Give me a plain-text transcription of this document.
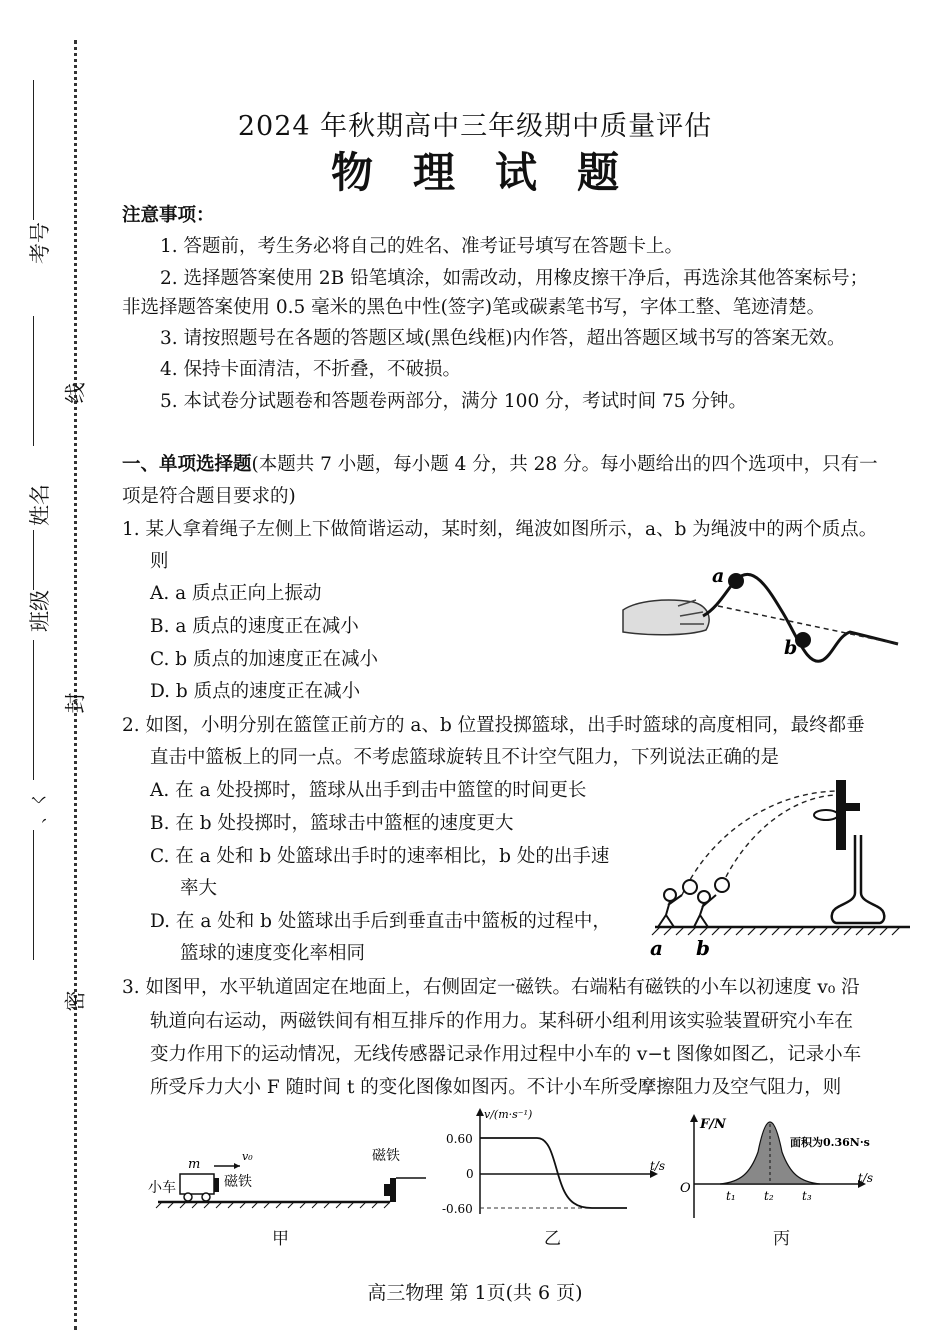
考号
线
姓名
班级
封
、く
密
2024 年秋期高中三年级期中质量评估
物理试题
注意事项：
1. 答题前，考生务必将自己的姓名、准考证号填写在答题卡上。
2. 选择题答案使用 2B 铅笔填涂，如需改动，用橡皮擦干净后，再选涂其他答案标号；
非选择题答案使用 0.5 毫米的黑色中性(签字)笔或碳素笔书写，字体工整、笔迹清楚。
3. 请按照题号在各题的答题区域(黑色线框)内作答，超出答题区域书写的答案无效。
4. 保持卡面清洁，不折叠，不破损。
5. 本试卷分试题卷和答题卷两部分，满分 100 分，考试时间 75 分钟。
一、单项选择题(本题共 7 小题，每小题 4 分，共 28 分。每小题给出的四个选项中，只有一
项是符合题目要求的)
1. 某人拿着绳子左侧上下做简谐运动，某时刻，绳波如图所示，a、b 为绳波中的两个质点。
则
A. a 质点正向上振动
B. a 质点的速度正在减小
C. b 质点的加速度正在减小
D. b 质点的速度正在减小
a
b
2. 如图，小明分别在篮筐正前方的 a、b 位置投掷篮球，出手时篮球的高度相同，最终都垂
直击中篮板上的同一点。不考虑篮球旋转且不计空气阻力，下列说法正确的是
A. 在 a 处投掷时，篮球从出手到击中篮筐的时间更长
B. 在 b 处投掷时，篮球击中篮框的速度更大
C. 在 a 处和 b 处篮球出手时的速率相比，b 处的出手速
率大
D. 在 a 处和 b 处篮球出手后到垂直击中篮板的过程中，
篮球的速度变化率相同	a b
3. 如图甲，水平轨道固定在地面上，右侧固定一磁铁。右端粘有磁铁的小车以初速度 v₀ 沿
轨道向右运动，两磁铁间有相互排斥的作用力。某科研小组利用该实验装置研究小车在
变力作用下的运动情况，无线传感器记录作用过程中小车的 v−t 图像如图乙，记录小车
所受斥力大小 F 随时间 t 的变化图像如图丙。不计小车所受摩擦阻力及空气阻力，则
m
v₀
小车	磁铁
磁铁
甲
v/(m·s⁻¹)
t/s
0.60
0
-0.60
乙
F/N
t/s
O	t₁ t₂ t₃
面积为0.36N·s
丙
高三物理 第 1页(共 6 页)
